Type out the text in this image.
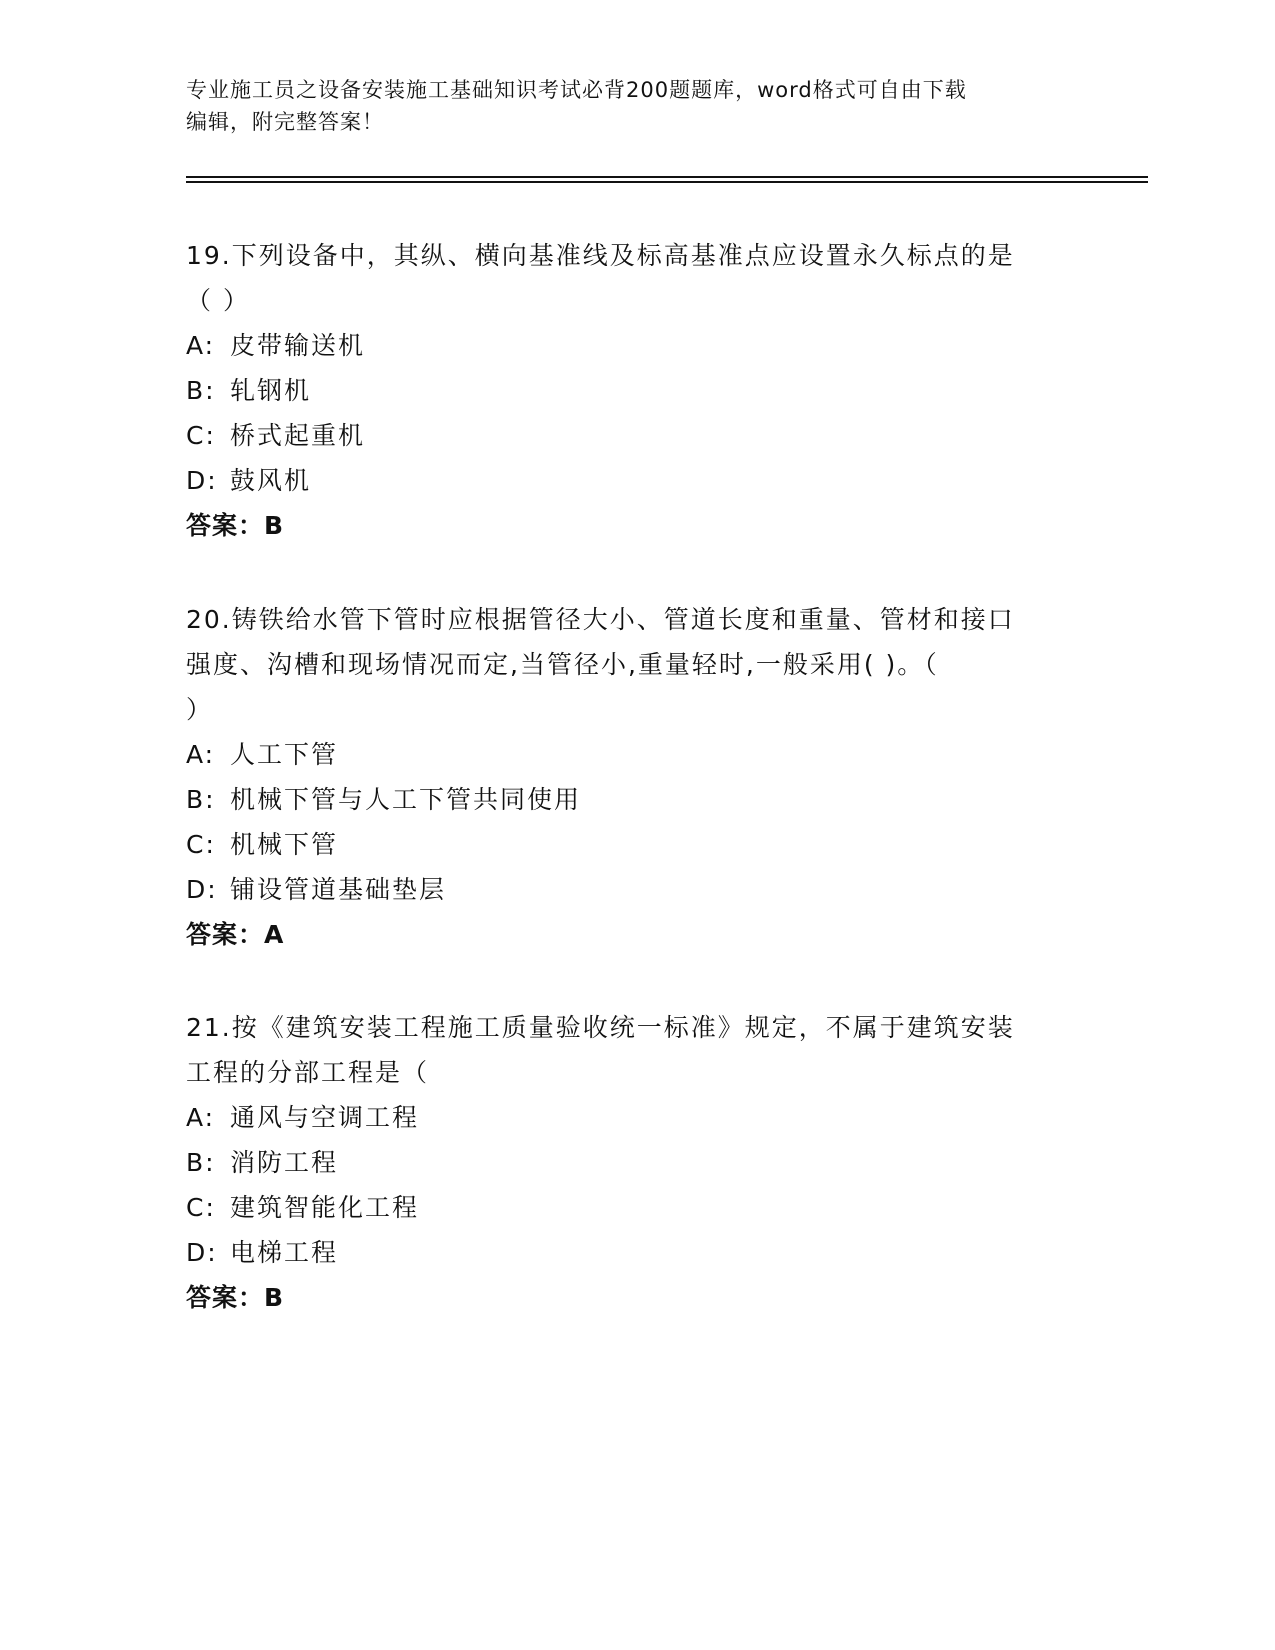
专业施工员之设备安装施工基础知识考试必背200题题库，word格式可自由下载
编辑，附完整答案！

19.下列设备中，其纵、横向基准线及标高基准点应设置永久标点的是

（ ）

A: 皮带输送机
B: 轧钢机
C: 桥式起重机
D: 鼓风机

答案：B

20.铸铁给水管下管时应根据管径大小、管道长度和重量、管材和接口

强度、沟槽和现场情况而定,当管径小,重量轻时,一般采用( )。（

）

A: 人工下管
B: 机械下管与人工下管共同使用
C: 机械下管
D: 铺设管道基础垫层

答案：A

21.按《建筑安装工程施工质量验收统一标准》规定，不属于建筑安装

工程的分部工程是（

A: 通风与空调工程
B: 消防工程
C: 建筑智能化工程
D: 电梯工程

答案：B
